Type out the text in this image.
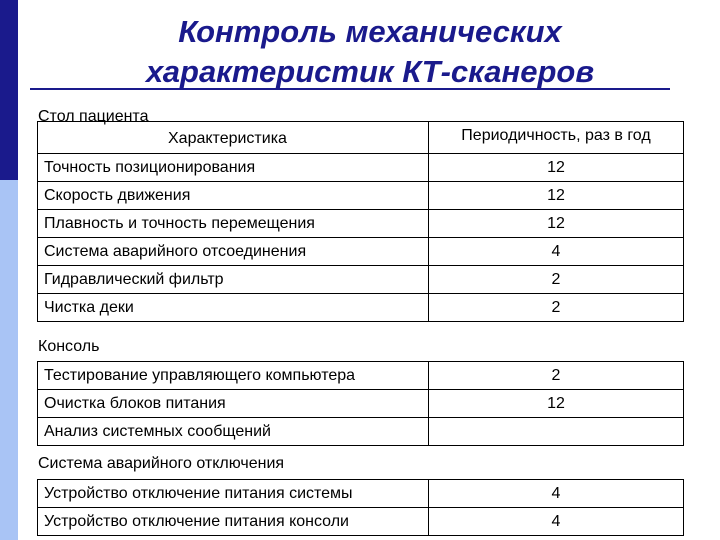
Контроль механических
характеристик КТ-сканеров
Стол пациента
Характеристика	Периодичность, раз в год
Точность позиционирования	12
Скорость движения	12
Плавность и точность перемещения	12
Система аварийного отсоединения	4
Гидравлический фильтр	2
Чистка деки	2
Консоль
Тестирование управляющего компьютера	2
Очистка блоков питания	12
Анализ системных сообщений	
Система аварийного отключения
Устройство отключение питания системы	4
Устройство отключение питания консоли	4
